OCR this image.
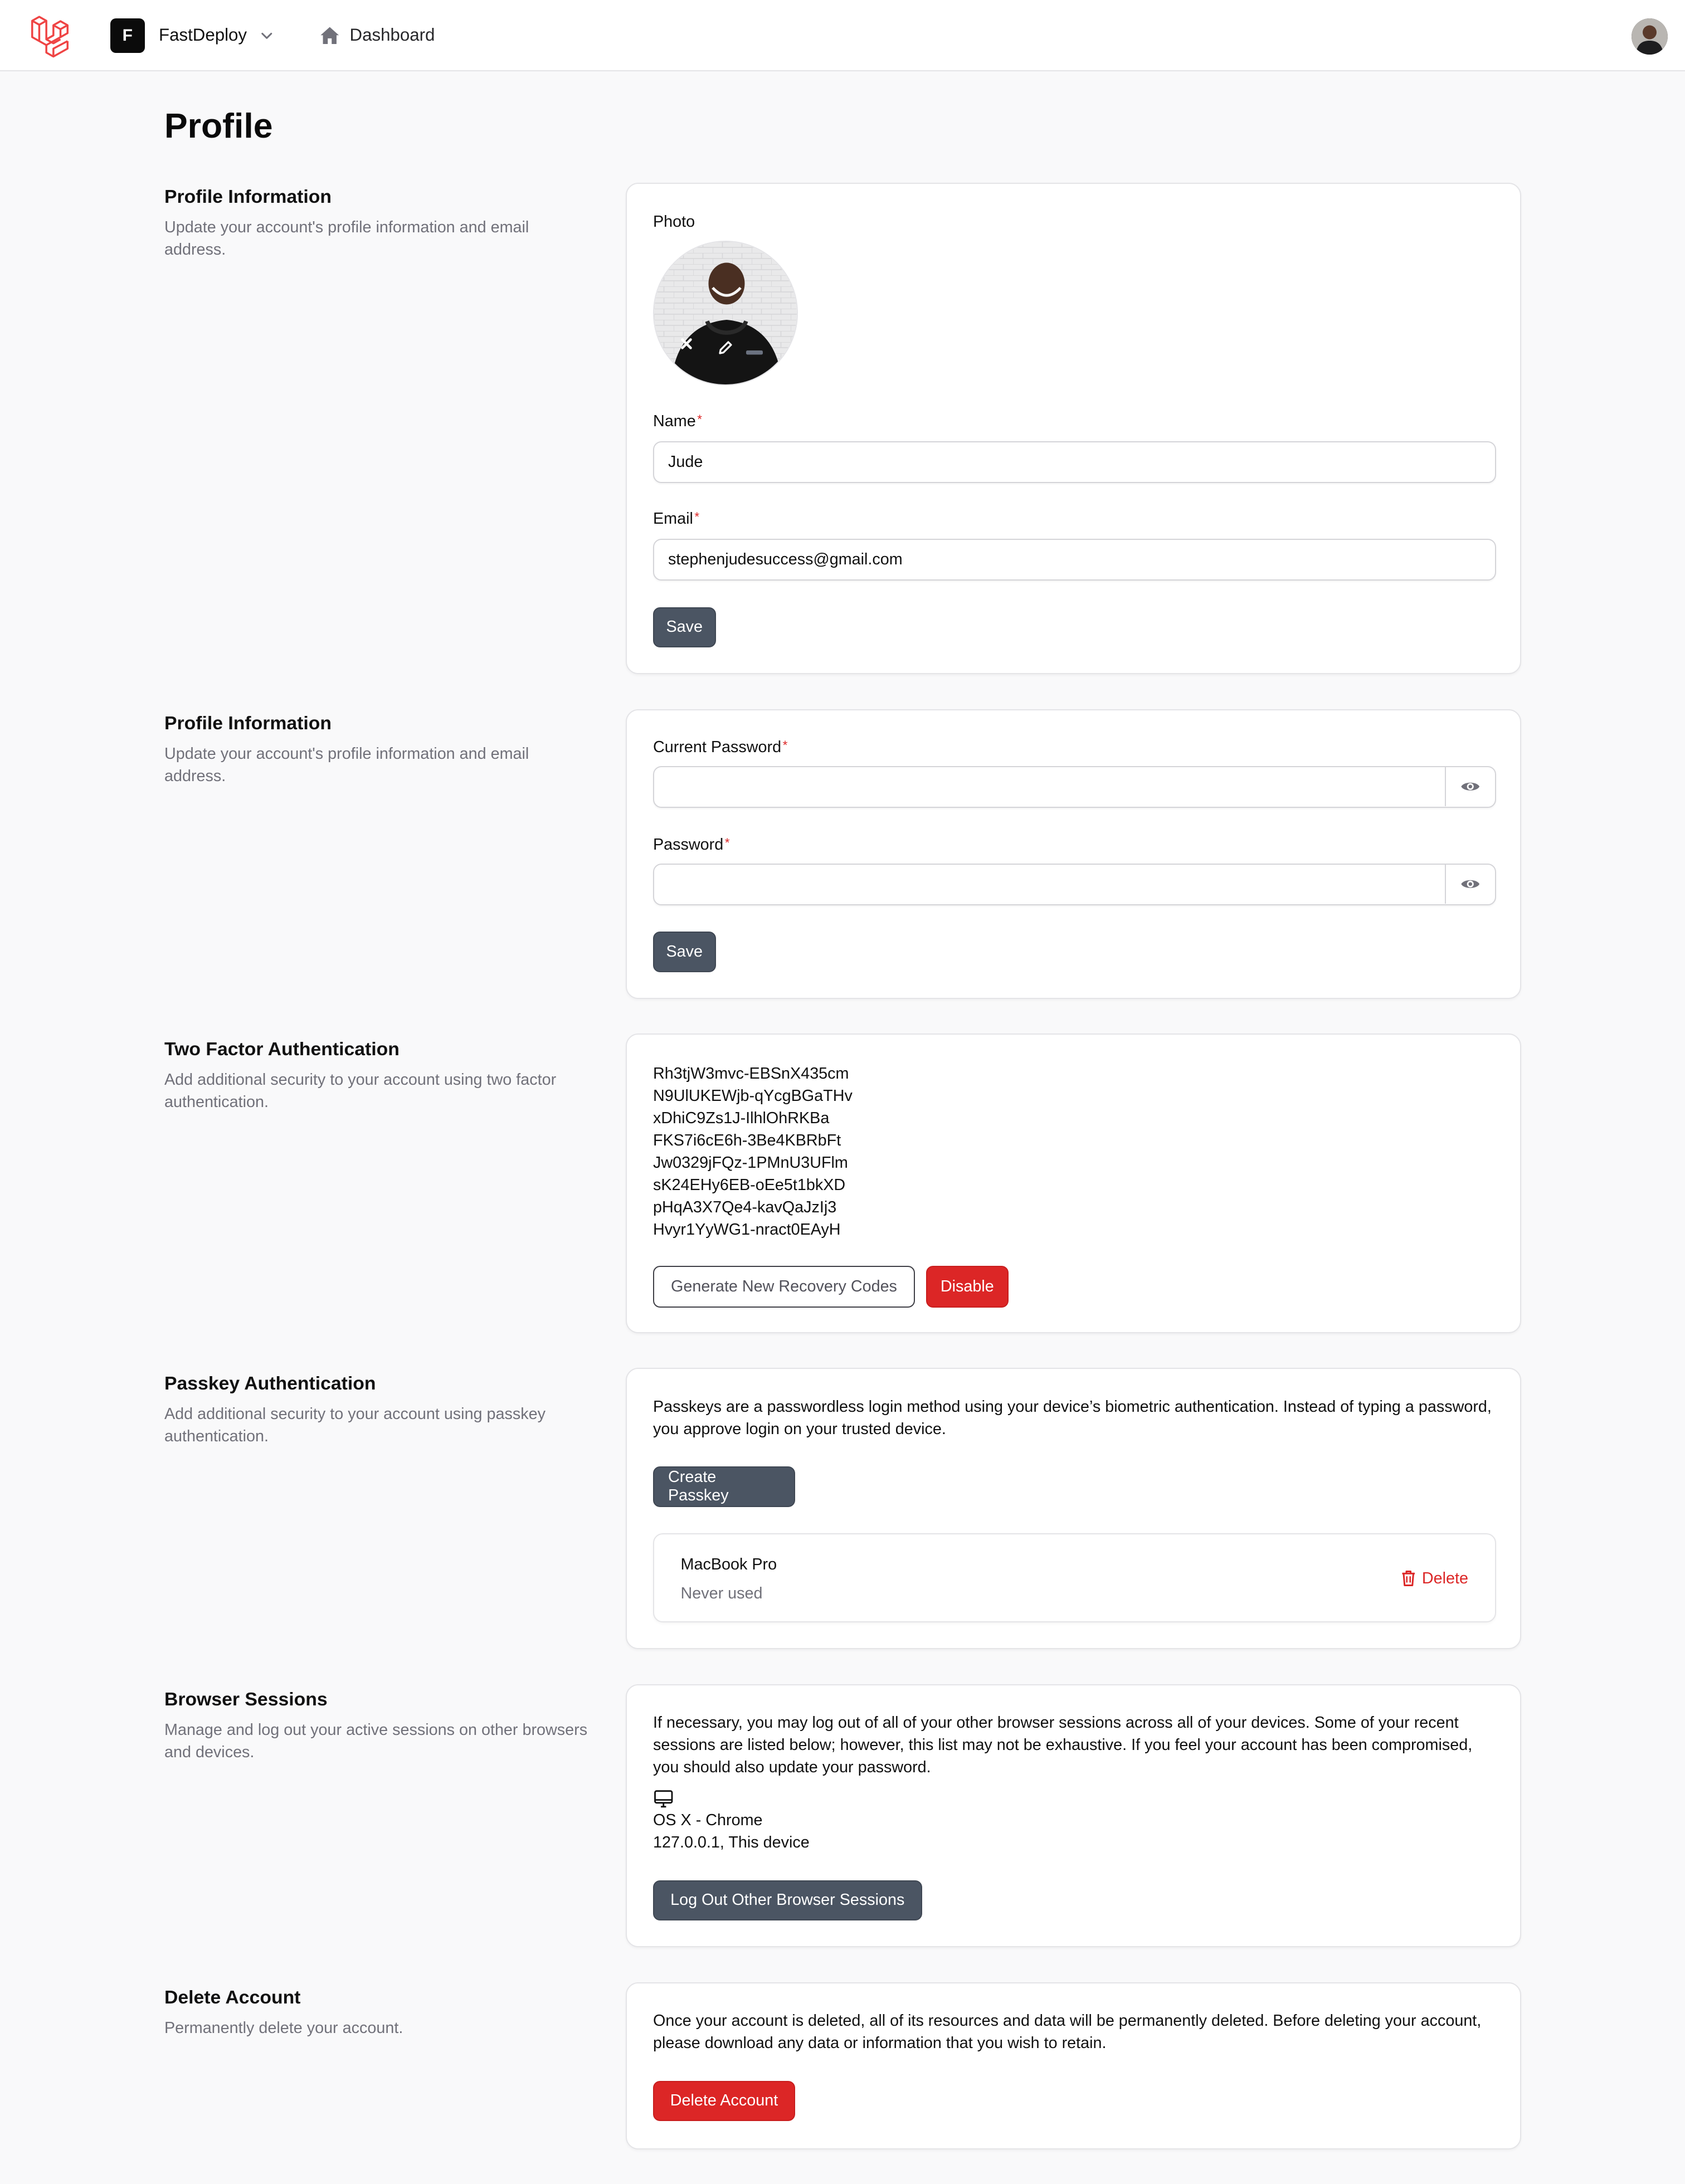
F	FastDeploy	Dashboard
Profile
Profile Information
Update your account's profile information and email address.
Photo
Name *
Jude
Email *
stephenjudesuccess@gmail.com
Save
Profile Information
Update your account's profile information and email address.
Current Password *
Password *
Save
Two Factor Authentication
Add additional security to your account using two factor authentication.
Rh3tjW3mvc-EBSnX435cm
N9UlUKEWjb-qYcgBGaTHv
xDhiC9Zs1J-IlhlOhRKBa
FKS7i6cE6h-3Be4KBRbFt
Jw0329jFQz-1PMnU3UFlm
sK24EHy6EB-oEe5t1bkXD
pHqA3X7Qe4-kavQaJzIj3
Hvyr1YyWG1-nract0EAyH
Generate New Recovery Codes	Disable
Passkey Authentication
Add additional security to your account using passkey authentication.
Passkeys are a passwordless login method using your device’s biometric authentication. Instead of typing a password, you approve login on your trusted device.
Create Passkey
MacBook Pro
Never used
Delete
Browser Sessions
Manage and log out your active sessions on other browsers and devices.
If necessary, you may log out of all of your other browser sessions across all of your devices. Some of your recent sessions are listed below; however, this list may not be exhaustive. If you feel your account has been compromised, you should also update your password.
OS X - Chrome
127.0.0.1, This device
Log Out Other Browser Sessions
Delete Account
Permanently delete your account.	Once your account is deleted, all of its resources and data will be permanently deleted. Before deleting your account, please download any data or information that you wish to retain.
Delete Account
